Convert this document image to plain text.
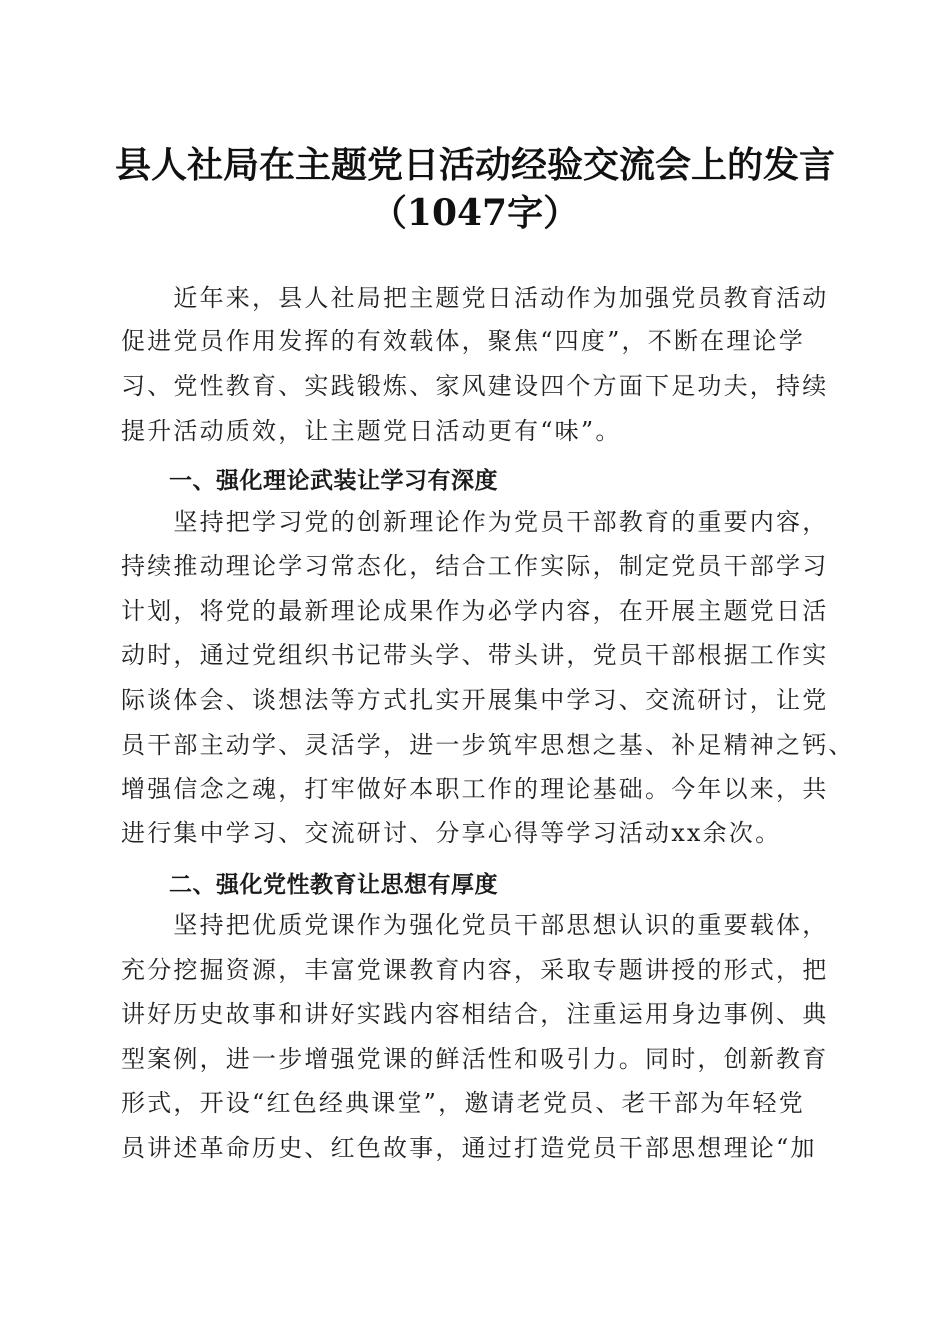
县人社局在主题党日活动经验交流会上的发言
（1047字）
　　近年来，县人社局把主题党日活动作为加强党员教育活动
促进党员作用发挥的有效载体，聚焦“四度”，不断在理论学
习、党性教育、实践锻炼、家风建设四个方面下足功夫，持续
提升活动质效，让主题党日活动更有“味”。
一、强化理论武装让学习有深度
　　坚持把学习党的创新理论作为党员干部教育的重要内容，
持续推动理论学习常态化，结合工作实际，制定党员干部学习
计划，将党的最新理论成果作为必学内容，在开展主题党日活
动时，通过党组织书记带头学、带头讲，党员干部根据工作实
际谈体会、谈想法等方式扎实开展集中学习、交流研讨，让党
员干部主动学、灵活学，进一步筑牢思想之基、补足精神之钙、
增强信念之魂，打牢做好本职工作的理论基础。今年以来，共
进行集中学习、交流研讨、分享心得等学习活动xx余次。
二、强化党性教育让思想有厚度
　　坚持把优质党课作为强化党员干部思想认识的重要载体，
充分挖掘资源，丰富党课教育内容，采取专题讲授的形式，把
讲好历史故事和讲好实践内容相结合，注重运用身边事例、典
型案例，进一步增强党课的鲜活性和吸引力。同时，创新教育
形式，开设“红色经典课堂”，邀请老党员、老干部为年轻党
员讲述革命历史、红色故事，通过打造党员干部思想理论“加
